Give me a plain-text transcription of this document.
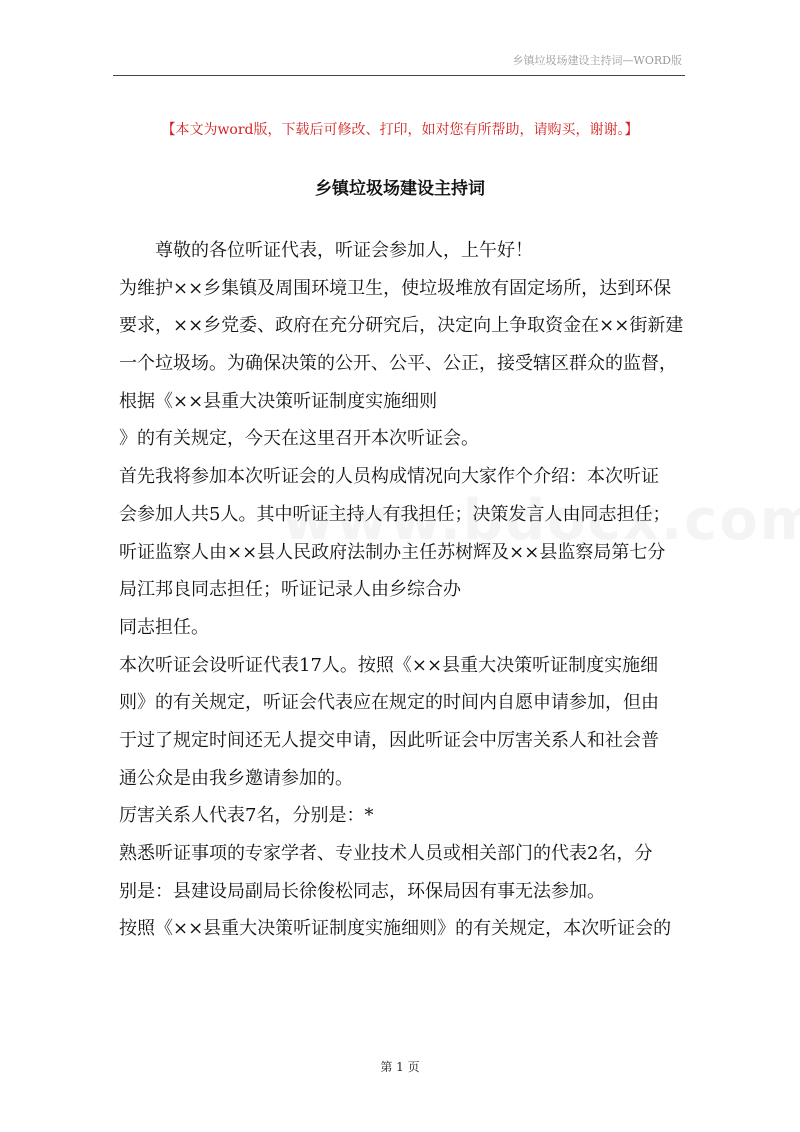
乡镇垃圾场建设主持词—WORD版
【本文为word版，下载后可修改、打印，如对您有所帮助，请购买，谢谢。】
乡镇垃圾场建设主持词
尊敬的各位听证代表，听证会参加人，上午好！
为维护××乡集镇及周围环境卫生，使垃圾堆放有固定场所，达到环保
要求，××乡党委、政府在充分研究后，决定向上争取资金在××街新建
一个垃圾场。为确保决策的公开、公平、公正，接受辖区群众的监督，
根据《××县重大决策听证制度实施细则
》的有关规定，今天在这里召开本次听证会。
首先我将参加本次听证会的人员构成情况向大家作个介绍：本次听证
会参加人共5人。其中听证主持人有我担任；决策发言人由同志担任；
听证监察人由××县人民政府法制办主任苏树辉及××县监察局第七分
局江邦良同志担任；听证记录人由乡综合办
同志担任。
本次听证会设听证代表17人。按照《××县重大决策听证制度实施细
则》的有关规定，听证会代表应在规定的时间内自愿申请参加，但由
于过了规定时间还无人提交申请，因此听证会中厉害关系人和社会普
通公众是由我乡邀请参加的。
厉害关系人代表7名，分别是：*
熟悉听证事项的专家学者、专业技术人员或相关部门的代表2名，分
别是：县建设局副局长徐俊松同志，环保局因有事无法参加。
按照《××县重大决策听证制度实施细则》的有关规定，本次听证会的
第 1 页
